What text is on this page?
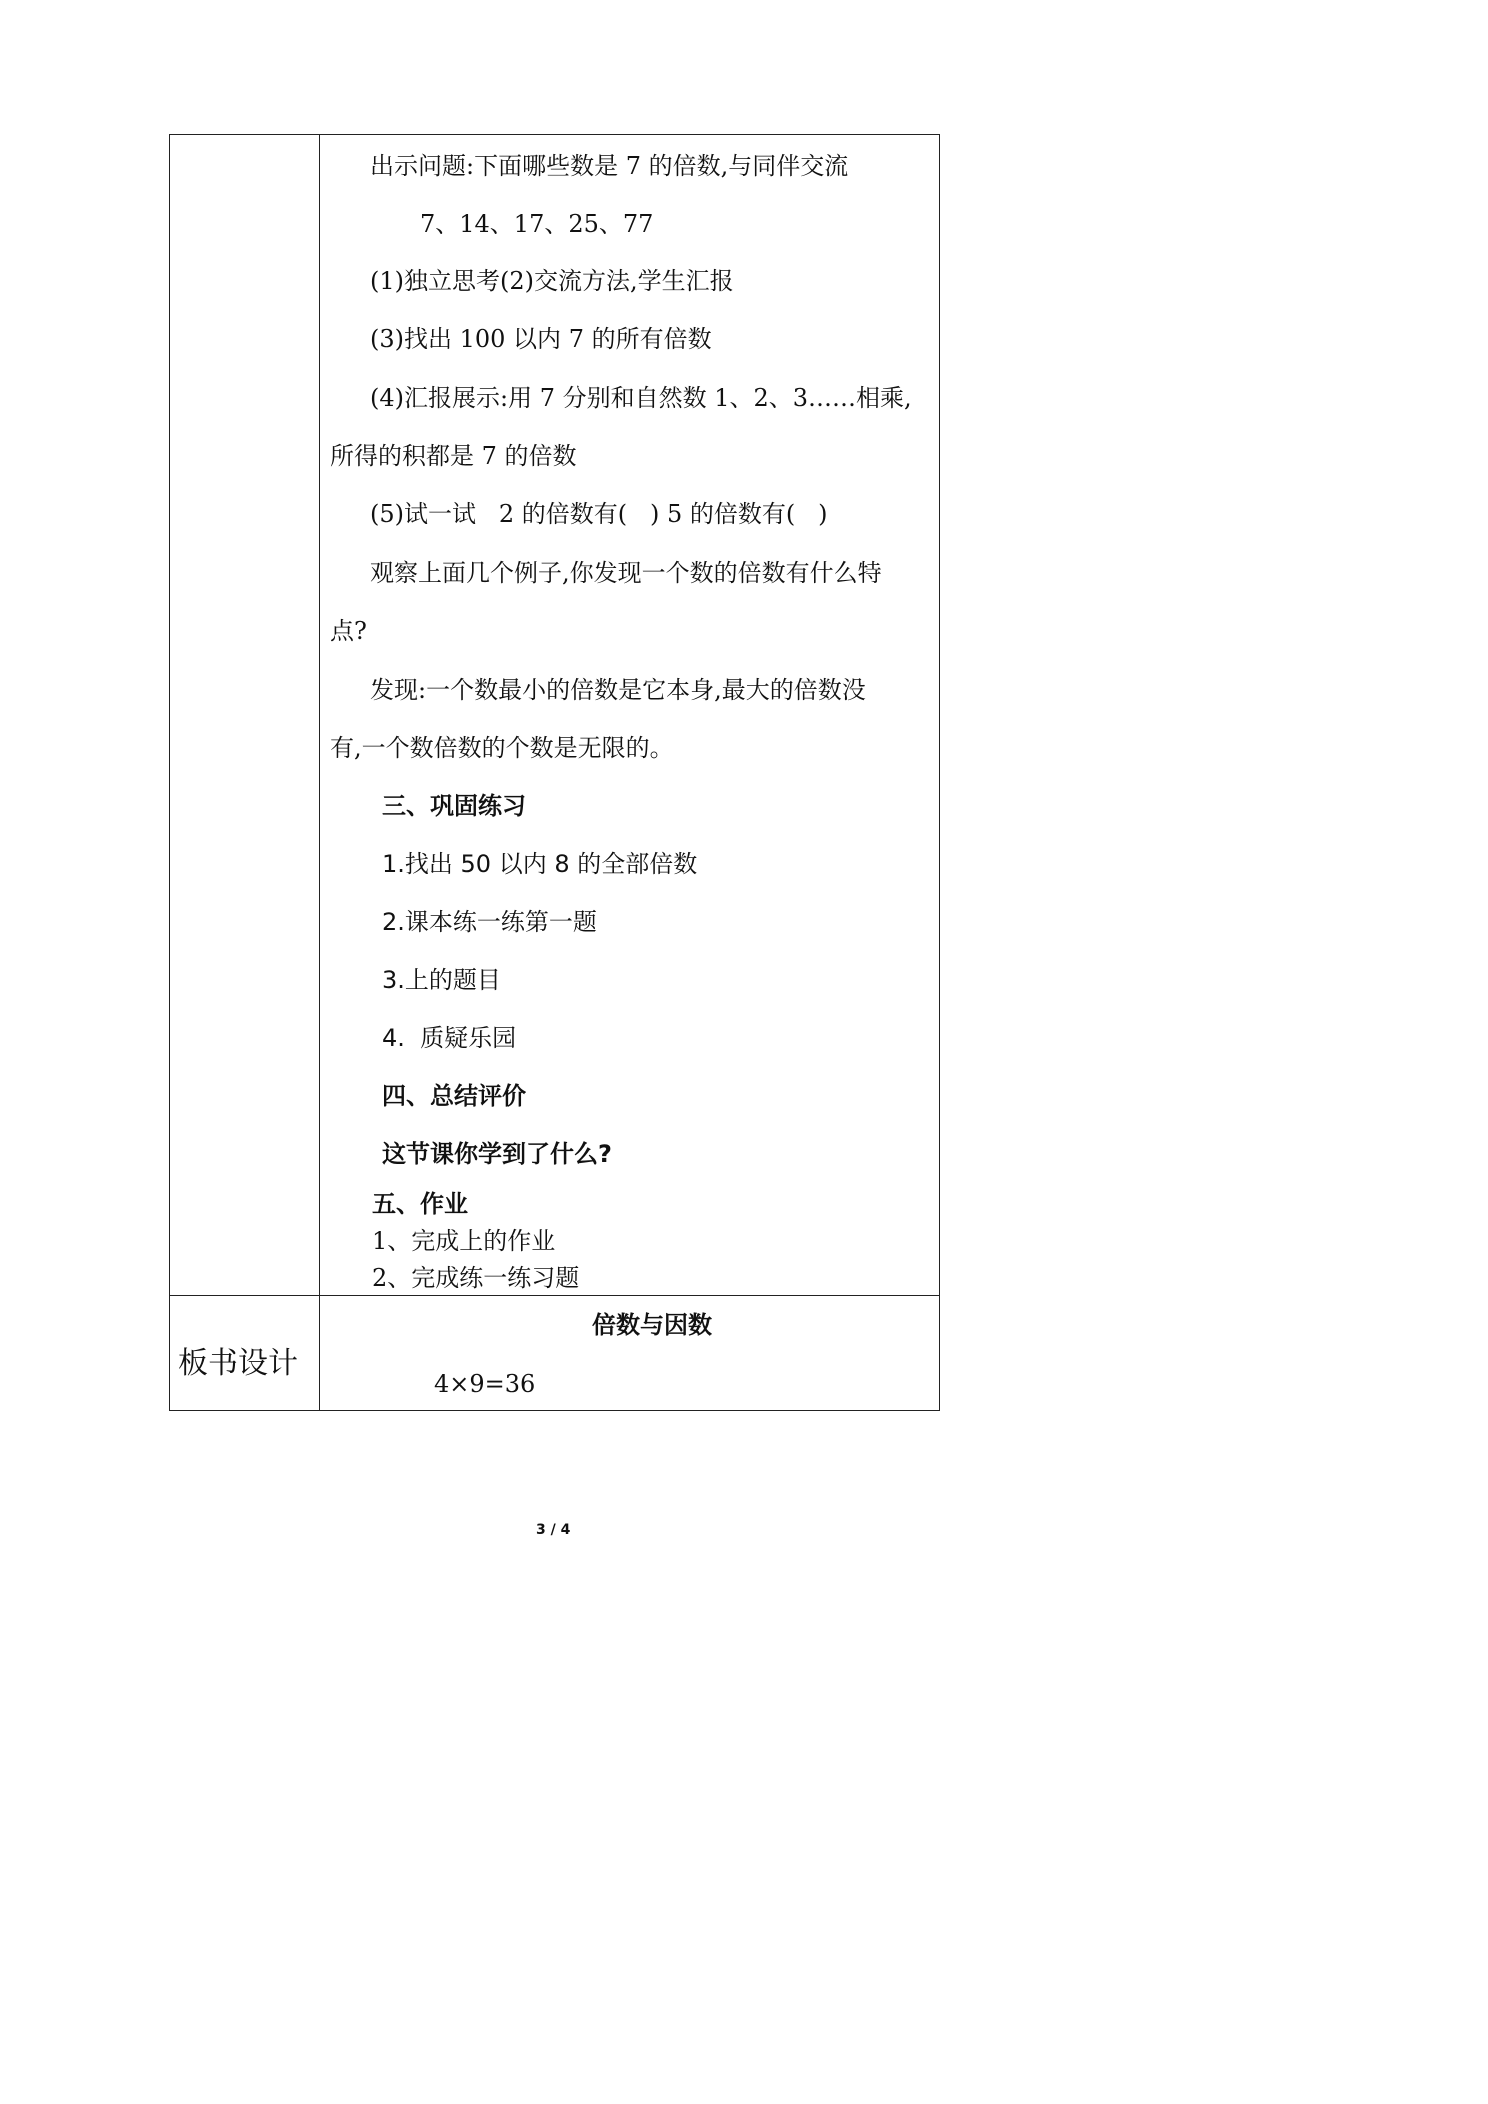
出示问题:下面哪些数是 7 的倍数,与同伴交流
7、14、17、25、77
(1)独立思考(2)交流方法,学生汇报
(3)找出 100 以内 7 的所有倍数
(4)汇报展示:用 7 分别和自然数 1、2、3……相乘,
所得的积都是 7 的倍数
(5)试一试   2 的倍数有(   ) 5 的倍数有(   )
观察上面几个例子,你发现一个数的倍数有什么特
点?
发现:一个数最小的倍数是它本身,最大的倍数没
有,一个数倍数的个数是无限的。
三、巩固练习
1.找出 50 以内 8 的全部倍数
2.课本练一练第一题
3.上的题目
4.  质疑乐园
四、总结评价
这节课你学到了什么?
五、作业
1、完成上的作业
2、完成练一练习题
板书设计
倍数与因数
4×9=36
3 / 4
